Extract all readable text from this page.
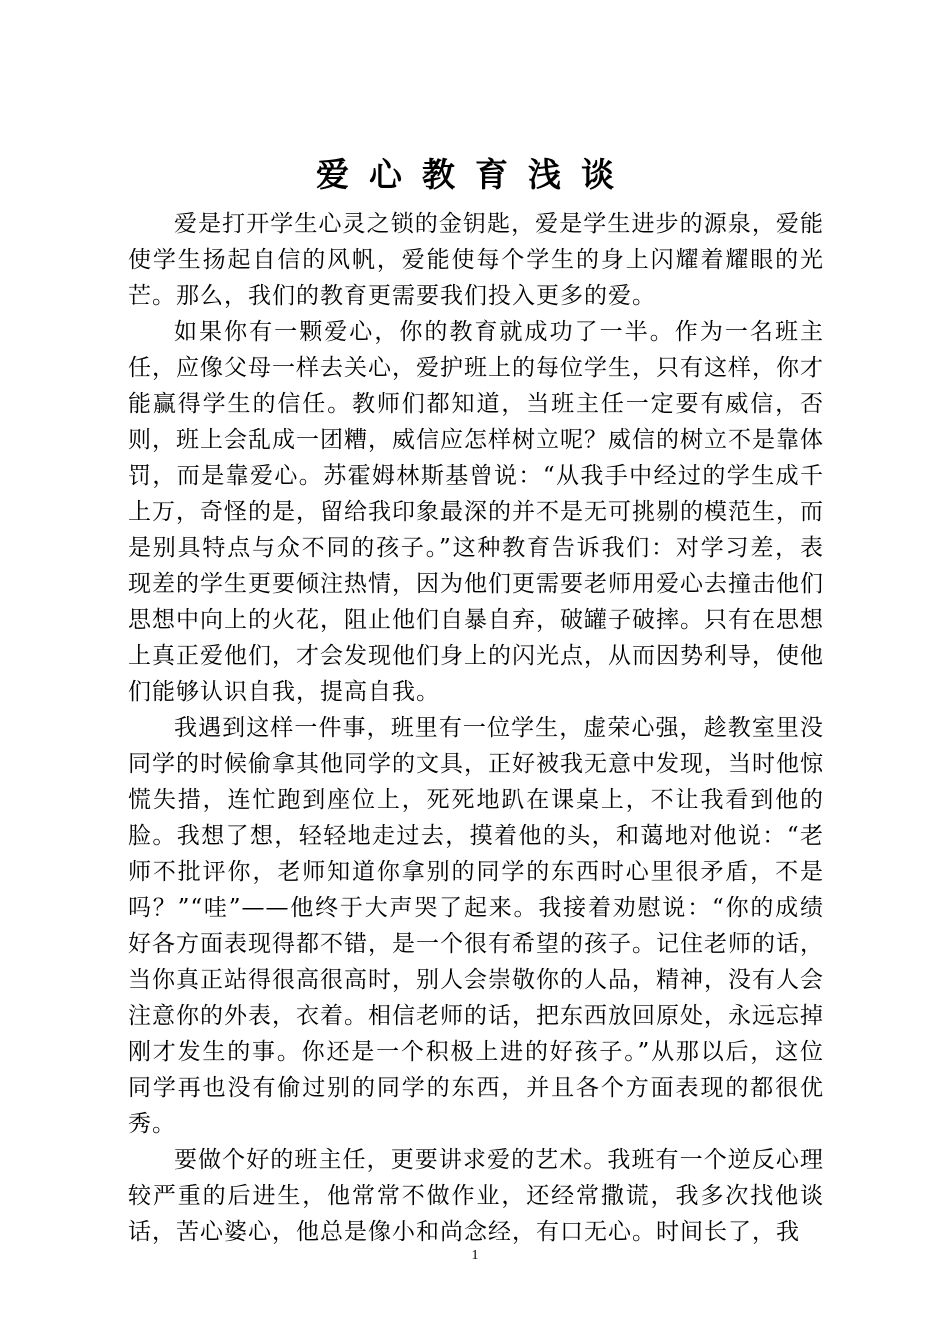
爱心教育浅谈

爱是打开学生心灵之锁的金钥匙，爱是学生进步的源泉，爱能使学生扬起自信的风帆，爱能使每个学生的身上闪耀着耀眼的光芒。那么，我们的教育更需要我们投入更多的爱。

如果你有一颗爱心，你的教育就成功了一半。作为一名班主任，应像父母一样去关心，爱护班上的每位学生，只有这样，你才能赢得学生的信任。教师们都知道，当班主任一定要有威信，否则，班上会乱成一团糟，威信应怎样树立呢？威信的树立不是靠体罚，而是靠爱心。苏霍姆林斯基曾说：“从我手中经过的学生成千上万，奇怪的是，留给我印象最深的并不是无可挑剔的模范生，而是别具特点与众不同的孩子。”这种教育告诉我们：对学习差，表现差的学生更要倾注热情，因为他们更需要老师用爱心去撞击他们思想中向上的火花，阻止他们自暴自弃，破罐子破摔。只有在思想上真正爱他们，才会发现他们身上的闪光点，从而因势利导，使他们能够认识自我，提高自我。

我遇到这样一件事，班里有一位学生，虚荣心强，趁教室里没同学的时候偷拿其他同学的文具，正好被我无意中发现，当时他惊慌失措，连忙跑到座位上，死死地趴在课桌上，不让我看到他的脸。我想了想，轻轻地走过去，摸着他的头，和蔼地对他说：“老师不批评你，老师知道你拿别的同学的东西时心里很矛盾，不是吗？”“哇”——他终于大声哭了起来。我接着劝慰说：“你的成绩好各方面表现得都不错，是一个很有希望的孩子。记住老师的话，当你真正站得很高很高时，别人会崇敬你的人品，精神，没有人会注意你的外表，衣着。相信老师的话，把东西放回原处，永远忘掉刚才发生的事。你还是一个积极上进的好孩子。”从那以后，这位同学再也没有偷过别的同学的东西，并且各个方面表现的都很优秀。

要做个好的班主任，更要讲求爱的艺术。我班有一个逆反心理较严重的后进生，他常常不做作业，还经常撒谎，我多次找他谈话，苦心婆心，他总是像小和尚念经，有口无心。时间长了，我

1
